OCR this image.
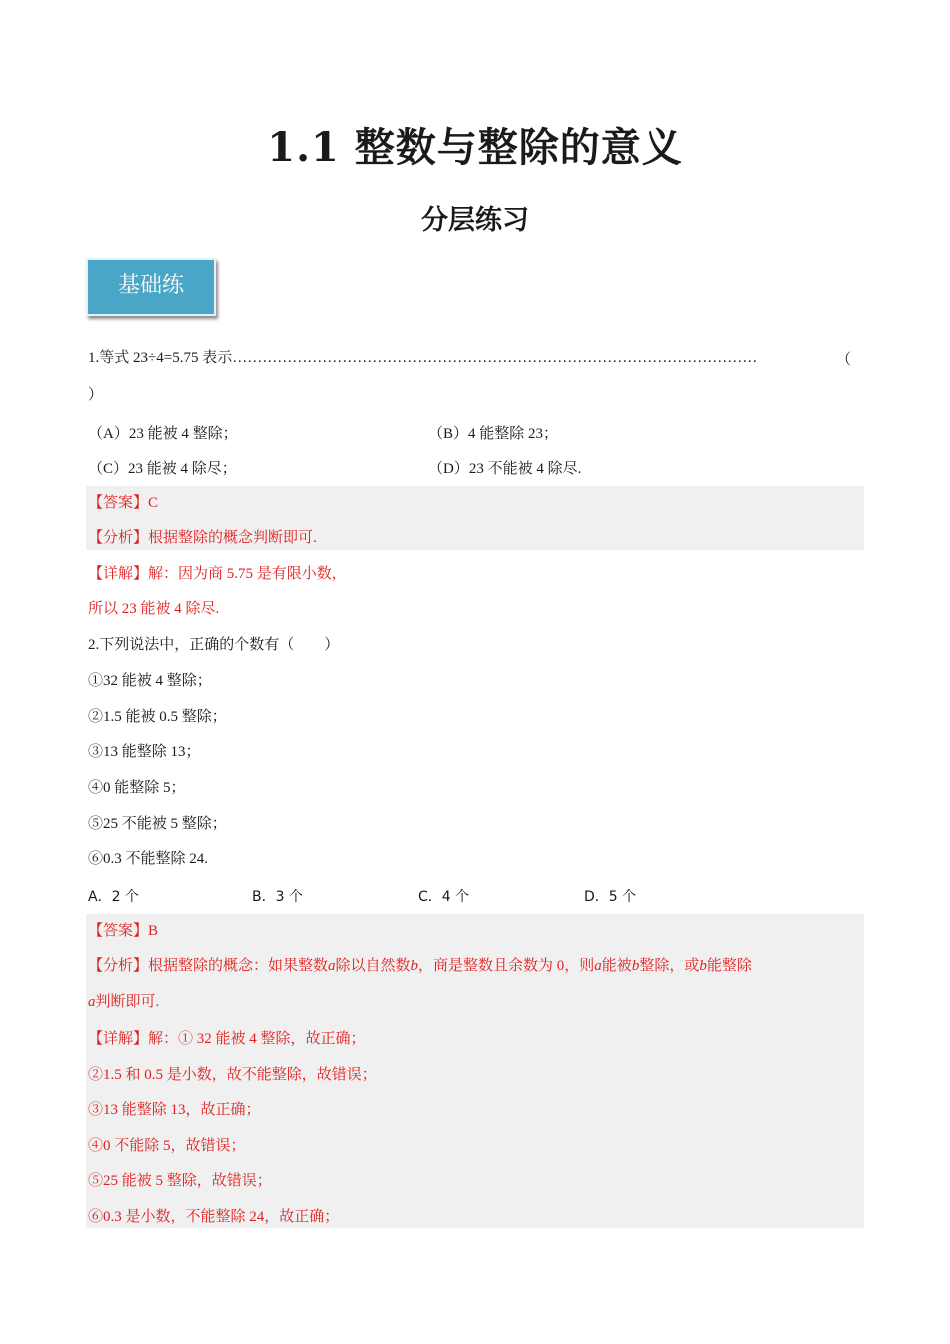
1.1 整数与整除的意义
分层练习
基础练
1.等式 23÷4=5.75 表示……………………………………………………………………………………………	（
）
（A）23 能被 4 整除；	（B）4 能整除 23；
（C）23 能被 4 除尽；	（D）23 不能被 4 除尽.
【答案】C
【分析】根据整除的概念判断即可.
【详解】解：因为商 5.75 是有限小数，
所以 23 能被 4 除尽.
2.下列说法中，正确的个数有（　　）
①32 能被 4 整除；
②1.5 能被 0.5 整除；
③13 能整除 13；
④0 能整除 5；
⑤25 不能被 5 整除；
⑥0.3 不能整除 24.
A．2 个	B．3 个	C．4 个	D．5 个
【答案】B
【分析】根据整除的概念：如果整数a除以自然数b，商是整数且余数为 0，则a能被b整除，或b能整除
a判断即可.
【详解】解：① 32 能被 4 整除，故正确；
②1.5 和 0.5 是小数，故不能整除，故错误；
③13 能整除 13，故正确；
④0 不能除 5，故错误；
⑤25 能被 5 整除，故错误；
⑥0.3 是小数，不能整除 24，故正确；
